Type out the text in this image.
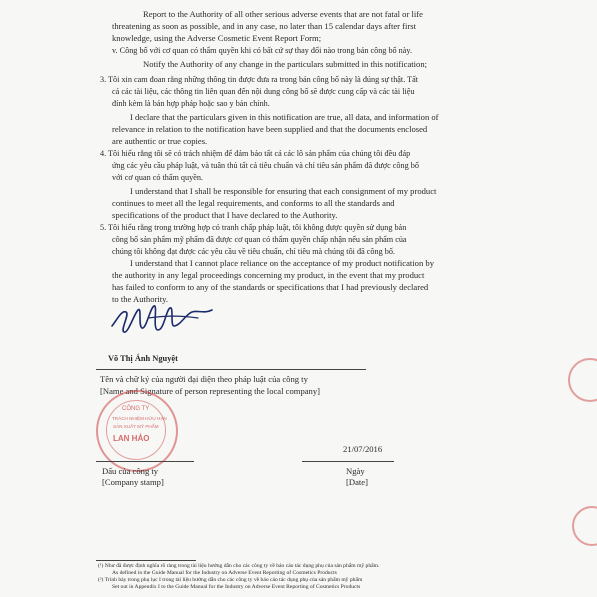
Report to the Authority of all other serious adverse events that are not fatal or life
threatening as soon as possible, and in any case, no later than 15 calendar days after first
knowledge, using the Adverse Cosmetic Event Report Form;
v. Công bố với cơ quan có thẩm quyền khi có bất cứ sự thay đổi nào trong bản công bố này.
Notify the Authority of any change in the particulars submitted in this notification;
3. Tôi xin cam đoan rằng những thông tin được đưa ra trong bản công bố này là đúng sự thật. Tất
cả các tài liệu, các thông tin liên quan đến nội dung công bố sẽ được cung cấp và các tài liệu
đính kèm là bản hợp pháp hoặc sao y bản chính.
I declare that the particulars given in this notification are true, all data, and information of
relevance in relation to the notification have been supplied and that the documents enclosed
are authentic or true copies.
4. Tôi hiểu rằng tôi sẽ có trách nhiệm để đảm bảo tất cả các lô sản phẩm của chúng tôi đều đáp
ứng các yêu cầu pháp luật, và tuân thủ tất cả tiêu chuẩn và chỉ tiêu sản phẩm đã được công bố
với cơ quan có thẩm quyền.
I understand that I shall be responsible for ensuring that each consignment of my product
continues to meet all the legal requirements, and conforms to all the standards and
specifications of the product that I have declared to the Authority.
5. Tôi hiểu rằng trong trường hợp có tranh chấp pháp luật, tôi không được quyền sử dụng bản
công bố sản phẩm mỹ phẩm đã được cơ quan có thẩm quyền chấp nhận nếu sản phẩm của
chúng tôi không đạt được các yêu cầu về tiêu chuẩn, chỉ tiêu mà chúng tôi đã công bố.
I understand that I cannot place reliance on the acceptance of my product notification by
the authority in any legal proceedings concerning my product, in the event that my product
has failed to conform to any of the standards or specifications that I had previously declared
to the Authority.
Võ Thị Ánh Nguyệt
Tên và chữ ký của người đại diện theo pháp luật của công ty
[Name and Signature of person representing the local company]
CÔNG TY
TRÁCH NHIỆM HỮU HẠN
SẢN XUẤT MỸ PHẨM
LAN HẢO
21/07/2016
Dấu của công ty	Ngày
[Company stamp]	[Date]
(¹) Như đã được định nghĩa rõ ràng trong tài liệu hướng dẫn cho các công ty về báo cáo tác dụng phụ của sản phẩm mỹ phẩm.
As defined in the Guide Manual for the Industry on Adverse Event Reporting of Cosmetics Products
(²) Trình bày trong phụ lục I trong tài liệu hướng dẫn cho các công ty về báo cáo tác dụng phụ của sản phẩm mỹ phẩm
Set out in Appendix I to the Guide Manual for the Industry on Adverse Event Reporting of Cosmetics Products
